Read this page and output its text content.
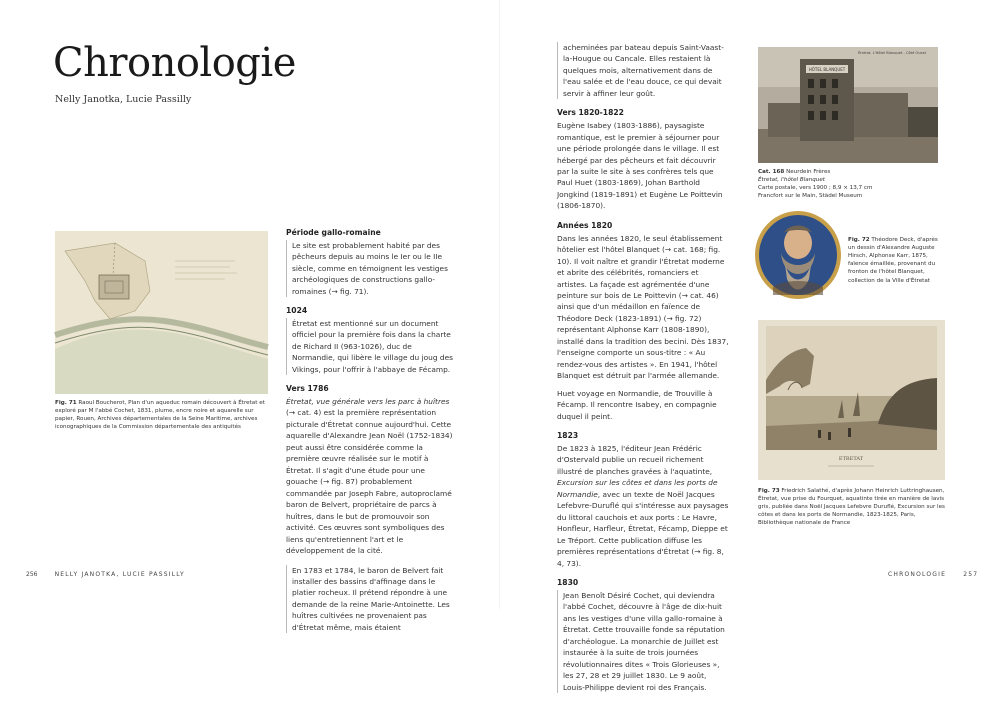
Chronologie
Nelly Janotka, Lucie Passilly
Fig. 71 Raoul Boucherot, Plan d'un aqueduc romain découvert à Étretat et exploré par M l'abbé Cochet, 1831, plume, encre noire et aquarelle sur papier, Rouen, Archives départementales de la Seine Maritime, archives iconographiques de la Commission départementale des antiquités
Période gallo-romaine

Le site est probablement habité par des pêcheurs depuis au moins le Ier ou le IIe siècle, comme en témoignent les vestiges archéologiques de constructions gallo-romaines (→ fig. 71).

1024

Étretat est mentionné sur un document officiel pour la première fois dans la charte de Richard II (963-1026), duc de Normandie, qui libère le village du joug des Vikings, pour l'offrir à l'abbaye de Fécamp.

Vers 1786

Étretat, vue générale vers les parc à huîtres (→ cat. 4) est la première représentation picturale d'Étretat connue aujourd'hui. Cette aquarelle d'Alexandre Jean Noël (1752-1834) peut aussi être considérée comme la première œuvre réalisée sur le motif à Étretat. Il s'agit d'une étude pour une gouache (→ fig. 87) probablement commandée par Joseph Fabre, autoproclamé baron de Belvert, propriétaire de parcs à huîtres, dans le but de promouvoir son activité. Ces œuvres sont symboliques des liens qu'entretiennent l'art et le développement de la cité.

En 1783 et 1784, le baron de Belvert fait installer des bassins d'affinage dans le platier rocheux. Il prétend répondre à une demande de la reine Marie-Antoinette. Les huîtres cultivées ne provenaient pas d'Étretat même, mais étaient

256	NELLY JANOTKA, LUCIE PASSILLY

acheminées par bateau depuis Saint-Vaast-la-Hougue ou Cancale. Elles restaient là quelques mois, alternativement dans de l'eau salée et de l'eau douce, ce qui devait servir à affiner leur goût.

Vers 1820-1822

Eugène Isabey (1803-1886), paysagiste romantique, est le premier à séjourner pour une période prolongée dans le village. Il est hébergé par des pêcheurs et fait découvrir par la suite le site à ses confrères tels que Paul Huet (1803-1869), Johan Barthold Jongkind (1819-1891) et Eugène Le Poittevin (1806-1870).

Années 1820

Dans les années 1820, le seul établissement hôtelier est l'hôtel Blanquet (→ cat. 168; fig. 10). Il voit naître et grandir l'Étretat moderne et abrite des célébrités, romanciers et artistes. La façade est agrémentée d'une peinture sur bois de Le Poittevin (→ cat. 46) ainsi que d'un médaillon en faïence de Théodore Deck (1823-1891) (→ fig. 72) représentant Alphonse Karr (1808-1890), installé dans la tradition des becini. Dès 1837, l'enseigne comporte un sous-titre : « Au rendez-vous des artistes ». En 1941, l'hôtel Blanquet est détruit par l'armée allemande.

Huet voyage en Normandie, de Trouville à Fécamp. Il rencontre Isabey, en compagnie duquel il peint.

1823

De 1823 à 1825, l'éditeur Jean Frédéric d'Ostervald publie un recueil richement illustré de planches gravées à l'aquatinte, Excursion sur les côtes et dans les ports de Normandie, avec un texte de Noël Jacques Lefebvre-Duruflé qui s'intéresse aux paysages du littoral cauchois et aux ports : Le Havre, Honfleur, Harfleur, Étretat, Fécamp, Dieppe et Le Tréport. Cette publication diffuse les premières représentations d'Étretat (→ fig. 8, 4, 73).

1830

Jean Benoît Désiré Cochet, qui deviendra l'abbé Cochet, découvre à l'âge de dix-huit ans les vestiges d'une villa gallo-romaine à Étretat. Cette trouvaille fonde sa réputation d'archéologue. La monarchie de Juillet est instaurée à la suite de trois journées révolutionnaires dites « Trois Glorieuses », les 27, 28 et 29 juillet 1830. Le 9 août, Louis-Philippe devient roi des Français.

HÔTEL BLANQUET
Étretat. L'Hôtel Blanquet - Côté Ouest
Cat. 168 Neurdein Frères
Étretat, l'hôtel Blanquet
Carte postale, vers 1900 ; 8,9 × 13,7 cm
Francfort sur le Main, Städel Museum
Fig. 72 Théodore Deck, d'après un dessin d'Alexandre Auguste Hirsch, Alphonse Karr, 1875, faïence émaillée, provenant du fronton de l'hôtel Blanquet, collection de la Ville d'Étretat
ETRETAT
Fig. 73 Friedrich Salathé, d'après Johann Heinrich Luttringhausen, Étretat, vue prise du Fourquet, aquatinte tirée en manière de lavis gris, publiée dans Noël Jacques Lefebvre Duruflé, Excursion sur les côtes et dans les ports de Normandie, 1823-1825, Paris, Bibliothèque nationale de France
CHRONOLOGIE	257
